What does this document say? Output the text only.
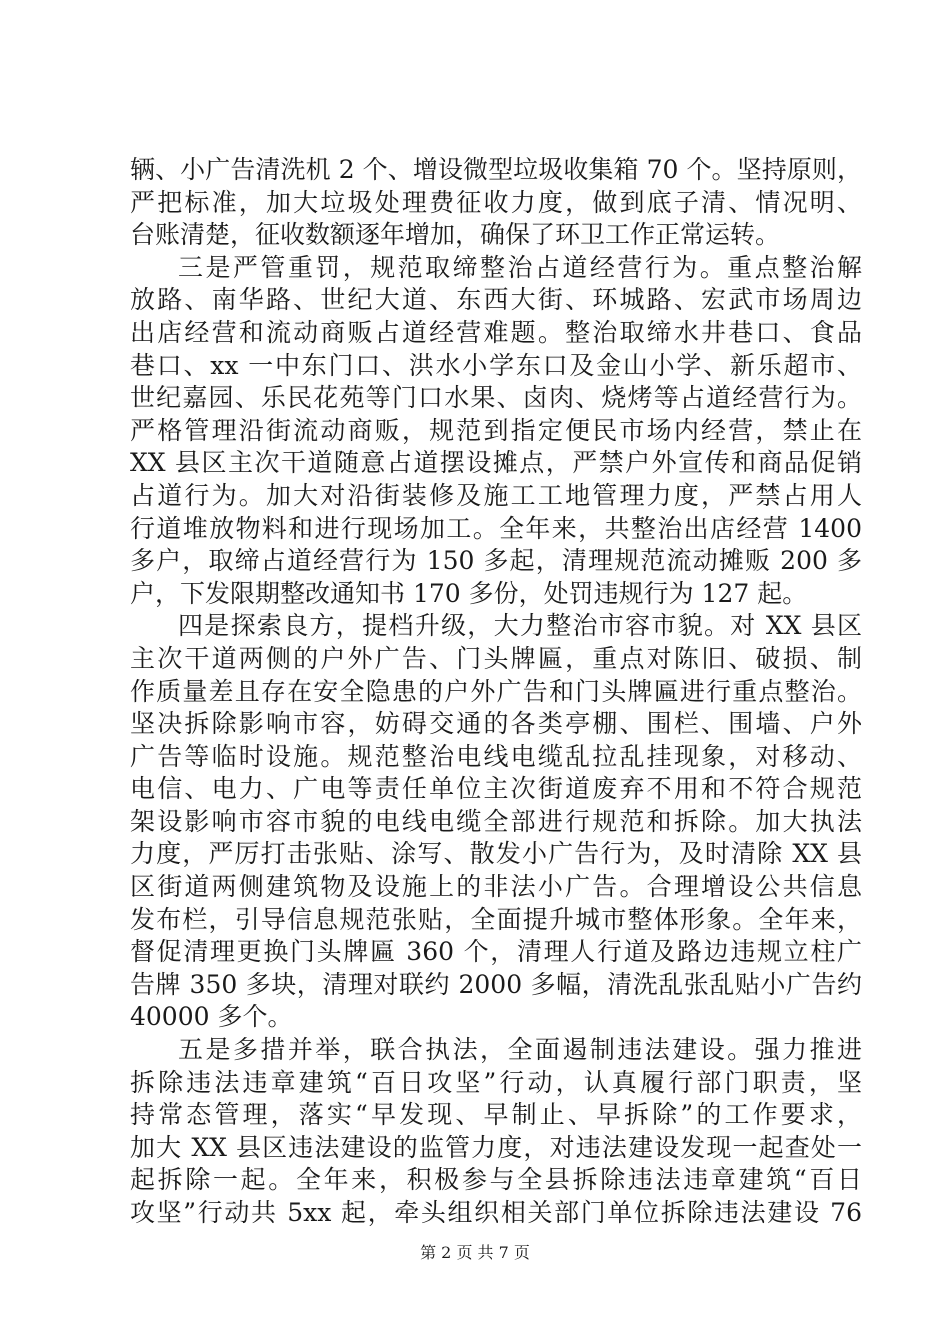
辆、小广告清洗机 2 个、增设微型垃圾收集箱 70 个。坚持原则，
严把标准，加大垃圾处理费征收力度，做到底子清、情况明、
台账清楚，征收数额逐年增加，确保了环卫工作正常运转。
三是严管重罚，规范取缔整治占道经营行为。重点整治解
放路、南华路、世纪大道、东西大街、环城路、宏武市场周边
出店经营和流动商贩占道经营难题。整治取缔水井巷口、食品
巷口、xx 一中东门口、洪水小学东口及金山小学、新乐超市、
世纪嘉园、乐民花苑等门口水果、卤肉、烧烤等占道经营行为。
严格管理沿街流动商贩，规范到指定便民市场内经营，禁止在
XX 县区主次干道随意占道摆设摊点，严禁户外宣传和商品促销
占道行为。加大对沿街装修及施工工地管理力度，严禁占用人
行道堆放物料和进行现场加工。全年来，共整治出店经营 1400
多户，取缔占道经营行为 150 多起，清理规范流动摊贩 200 多
户，下发限期整改通知书 170 多份，处罚违规行为 127 起。
四是探索良方，提档升级，大力整治市容市貌。对 XX 县区
主次干道两侧的户外广告、门头牌匾，重点对陈旧、破损、制
作质量差且存在安全隐患的户外广告和门头牌匾进行重点整治。
坚决拆除影响市容，妨碍交通的各类亭棚、围栏、围墙、户外
广告等临时设施。规范整治电线电缆乱拉乱挂现象，对移动、
电信、电力、广电等责任单位主次街道废弃不用和不符合规范
架设影响市容市貌的电线电缆全部进行规范和拆除。加大执法
力度，严厉打击张贴、涂写、散发小广告行为，及时清除 XX 县
区街道两侧建筑物及设施上的非法小广告。合理增设公共信息
发布栏，引导信息规范张贴，全面提升城市整体形象。全年来，
督促清理更换门头牌匾 360 个，清理人行道及路边违规立柱广
告牌 350 多块，清理对联约 2000 多幅，清洗乱张乱贴小广告约
40000 多个。
五是多措并举，联合执法，全面遏制违法建设。强力推进
拆除违法违章建筑“百日攻坚”行动，认真履行部门职责，坚
持常态管理，落实“早发现、早制止、早拆除”的工作要求，
加大 XX 县区违法建设的监管力度，对违法建设发现一起查处一
起拆除一起。全年来，积极参与全县拆除违法违章建筑“百日
攻坚”行动共 5xx 起，牵头组织相关部门单位拆除违法建设 76
第 2 页 共 7 页
